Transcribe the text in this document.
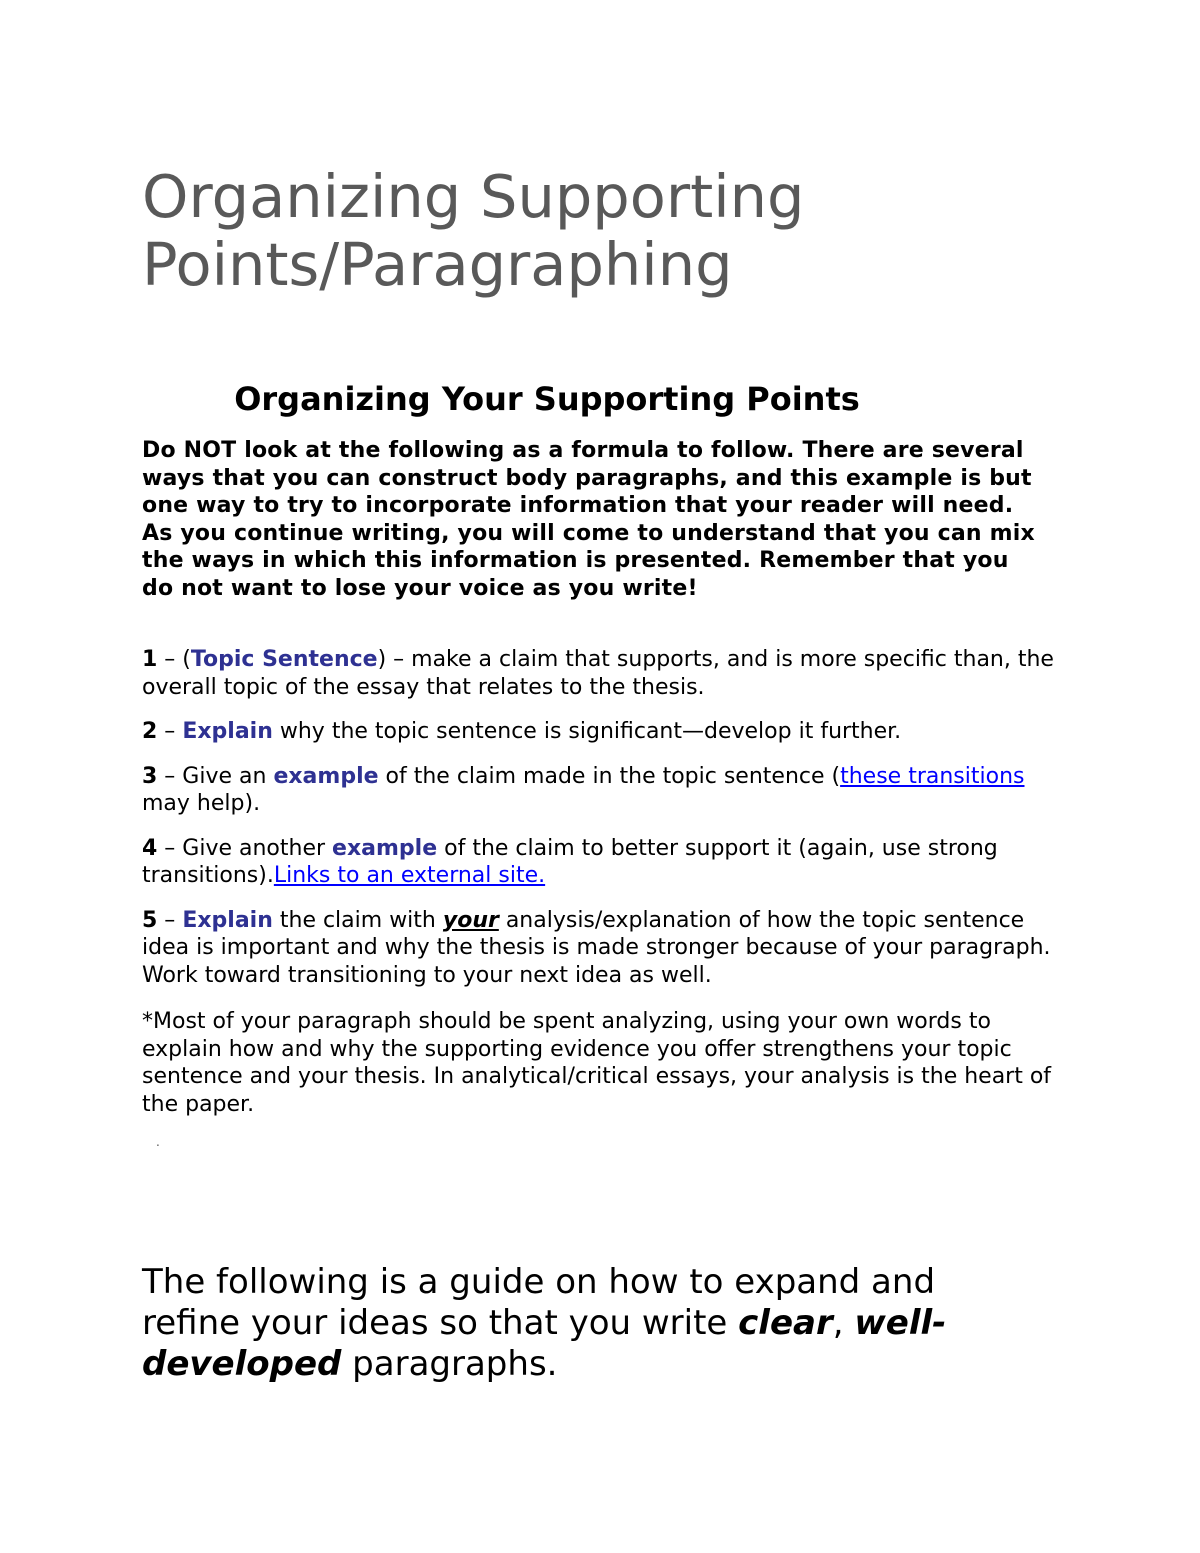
Organizing Supporting Points/Paragraphing
Organizing Your Supporting Points

Do NOT look at the following as a formula to follow. There are several ways that you can construct body paragraphs, and this example is but one way to try to incorporate information that your reader will need. As you continue writing, you will come to understand that you can mix the ways in which this information is presented. Remember that you do not want to lose your voice as you write!

1 – (Topic Sentence) – make a claim that supports, and is more specific than, the overall topic of the essay that relates to the thesis.

2 – Explain why the topic sentence is significant—develop it further.

3 – Give an example of the claim made in the topic sentence (these transitions may help).

4 – Give another example of the claim to better support it (again, use strong transitions).Links to an external site.

5 – Explain the claim with your analysis/explanation of how the topic sentence idea is important and why the thesis is made stronger because of your paragraph. Work toward transitioning to your next idea as well.

*Most of your paragraph should be spent analyzing, using your own words to explain how and why the supporting evidence you offer strengthens your topic sentence and your thesis. In analytical/critical essays, your analysis is the heart of the paper.

The following is a guide on how to expand and refine your ideas so that you write clear, well-developed paragraphs.

.
